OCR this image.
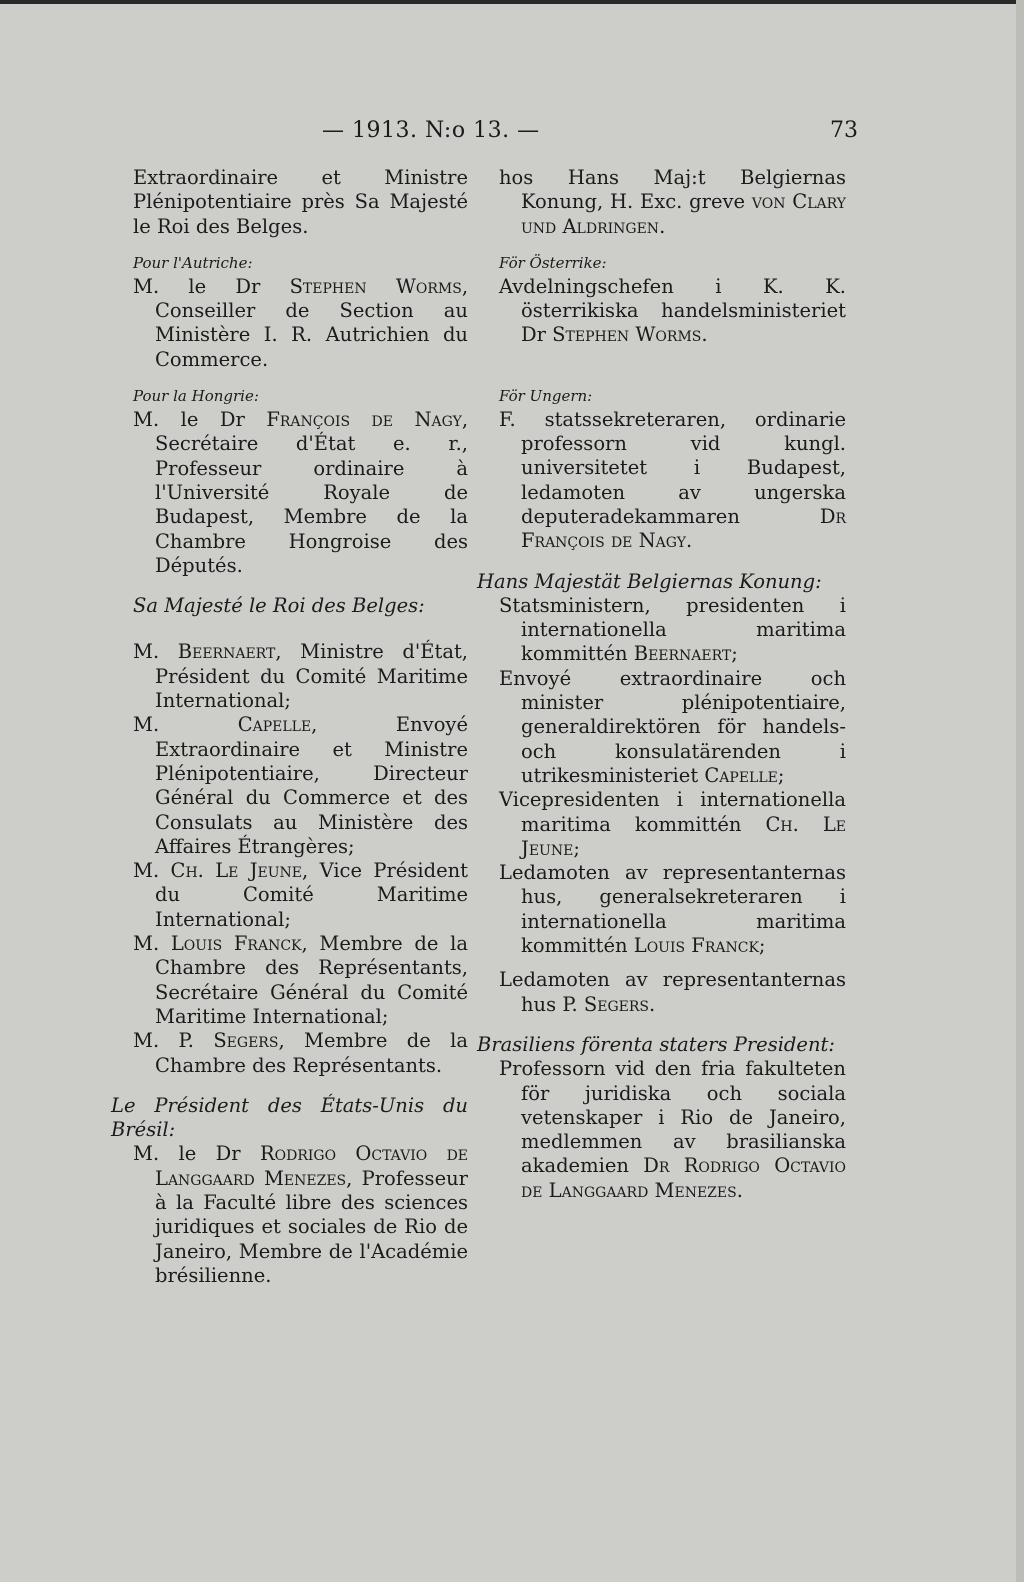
— 1913. N:o 13. —	73

Extraordinaire et Ministre Plénipotentiaire près Sa Majesté le Roi des Belges.

Pour l'Autriche:

M. le Dr Stephen Worms, Conseiller de Section au Ministère I. R. Autrichien du Commerce.

Pour la Hongrie:

M. le Dr François de Nagy, Secrétaire d'État e. r., Professeur ordinaire à l'Université Royale de Budapest, Membre de la Chambre Hongroise des Députés.

Sa Majesté le Roi des Belges:

M. Beernaert, Ministre d'État, Président du Comité Maritime International;

M.	Capelle, Envoyé Extraordinaire et Ministre Plénipotentiaire, Directeur Général du Commerce et des Consulats au Ministère des Affaires Étrangères;

M. Ch. Le Jeune, Vice Président du Comité Maritime International;

M. Louis Franck, Membre de la Chambre des Représentants, Secrétaire Général du Comité Maritime International;

M. P. Segers, Membre de la Chambre des Représentants.

Le Président des États-Unis du Brésil:

M. le Dr Rodrigo Octavio de Langgaard Menezes, Professeur à la Faculté libre des sciences juridiques et sociales de Rio de Janeiro, Membre de l'Académie brésilienne.

hos Hans Maj:t Belgiernas Konung, H. Exc. greve von Clary und Aldringen.

För Österrike:

Avdelningschefen i K. K. österrikiska handelsministeriet Dr Stephen Worms.

För Ungern:

F. statssekreteraren, ordinarie professorn vid kungl. universitetet i Budapest, ledamoten av ungerska deputeradekammaren	Dr François de Nagy.

Hans Majestät Belgiernas Konung:

Statsministern, presidenten i internationella maritima kommittén Beernaert;

Envoyé extraordinaire och minister plénipotentiaire, generaldirektören för handels- och konsulatärenden i utrikesministeriet Capelle;

Vicepresidenten i internationella maritima kommittén Ch. Le Jeune;

Ledamoten av representanternas hus, generalsekreteraren i internationella maritima kommittén Louis Franck;

Ledamoten av representanternas hus P. Segers.

Brasiliens förenta staters President:

Professorn vid den fria fakulteten för juridiska och sociala vetenskaper i Rio de Janeiro, medlemmen av brasilianska akademien Dr Rodrigo Octavio de Langgaard Menezes.
